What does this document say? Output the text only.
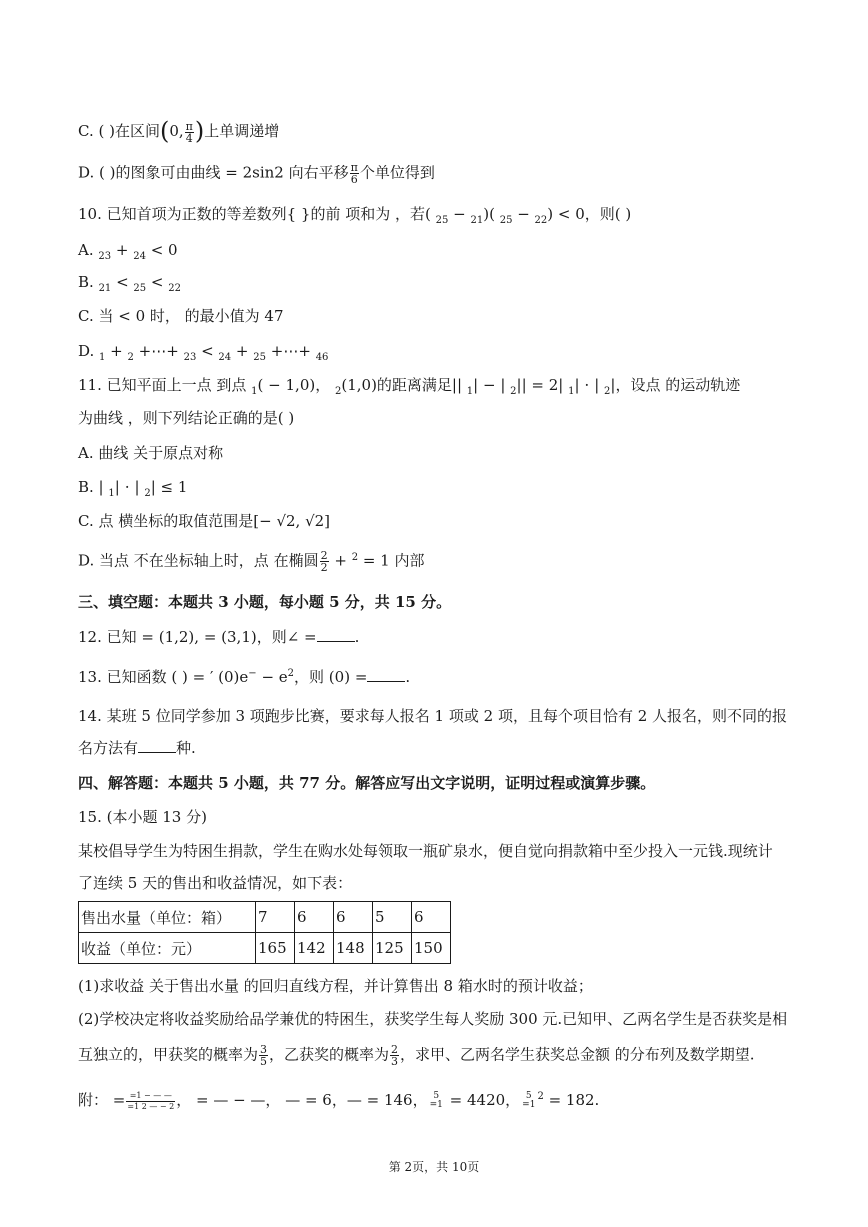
C. ( )在区间(0, $\frac{\pi}{4}$ )上单调递增
D. ( )的图象可由曲线 = 2sin2 向右平移 $\frac{\pi}{6}$ 个单位得到
10. 已知首项为正数的等差数列{ }的前 项和为 ，若( $_{25}$ − $_{21}$)( $_{25}$ − $_{22}$) < 0，则( )
A. $_{23}$ + $_{24}$ < 0
B. $_{21}$ < $_{25}$ < $_{22}$
C. 当 < 0 时， 的最小值为 47
D. $_1$ + $_2$ +⋯+ $_{23}$ < $_{24}$ + $_{25}$ +⋯+ $_{46}$
11. 已知平面上一点 到点 $_1$( − 1,0)， $_2$(1,0)的距离满足|| $_1$| − | $_2$|| = 2| $_1$| ⋅ | $_2$|，设点 的运动轨迹
为曲线 ，则下列结论正确的是( )
A. 曲线 关于原点对称
B. | $_1$| ⋅ | $_2$| ≤ 1
C. 点 横坐标的取值范围是[− √2, √2]
D. 当点 不在坐标轴上时，点 在椭圆 $\frac{2}{2} + ^2 = 1$ 内部
三、填空题：本题共 3 小题，每小题 5 分，共 15 分。
12. 已知 = (1,2), = (3,1)，则∠ =	.
13. 已知函数 ( ) = ′ $(0)e^- - e^2$，则 (0) =	.
14. 某班 5 位同学参加 3 项跑步比赛，要求每人报名 1 项或 2 项，且每个项目恰有 2 人报名，则不同的报
名方法有	种.
四、解答题：本题共 5 小题，共 77 分。解答应写出文字说明，证明过程或演算步骤。
15. (本小题 13 分)
某校倡导学生为特困生捐款，学生在购水处每领取一瓶矿泉水，便自觉向捐款箱中至少投入一元钱.现统计
了连续 5 天的售出和收益情况，如下表：
售出水量（单位：箱）	7	6	6	5	6
收益（单位：元）	165	142	148	125	150
(1)求收益 关于售出水量 的回归直线方程，并计算售出 8 箱水时的预计收益；
(2)学校决定将收益奖励给品学兼优的特困生，获奖学生每人奖励 300 元.已知甲、乙两名学生是否获奖是相
互独立的，甲获奖的概率为 $\frac{3}{5}$ ，乙获奖的概率为 $\frac{2}{3}$ ，求甲、乙两名学生获奖总金额 的分布列及数学期望.
附： = $\frac{=1 - — —}{=1 2 — - 2}$ ， = — − —， — = 6，— = 146， 5
=1 = 4420， 5
=1
$^2$ = 182.
第 2页，共 10页
